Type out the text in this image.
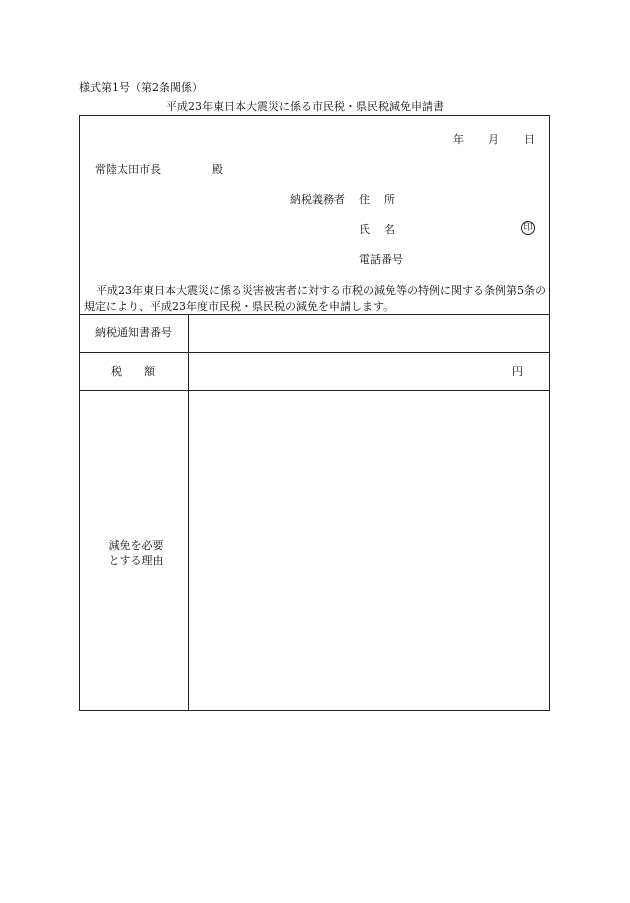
様式第1号（第2条関係）
平成23年東日本大震災に係る市民税・県民税減免申請書
年 月 日
常陸太田市長	殿
納税義務者 住所
氏名	印
電話番号
平成23年東日本大震災に係る災害被害者に対する市税の減免等の特例に関する条例第5条の規定により、平成23年度市民税・県民税の減免を申請します。
納税通知書番号
税額	円
減免を必要
とする理由
